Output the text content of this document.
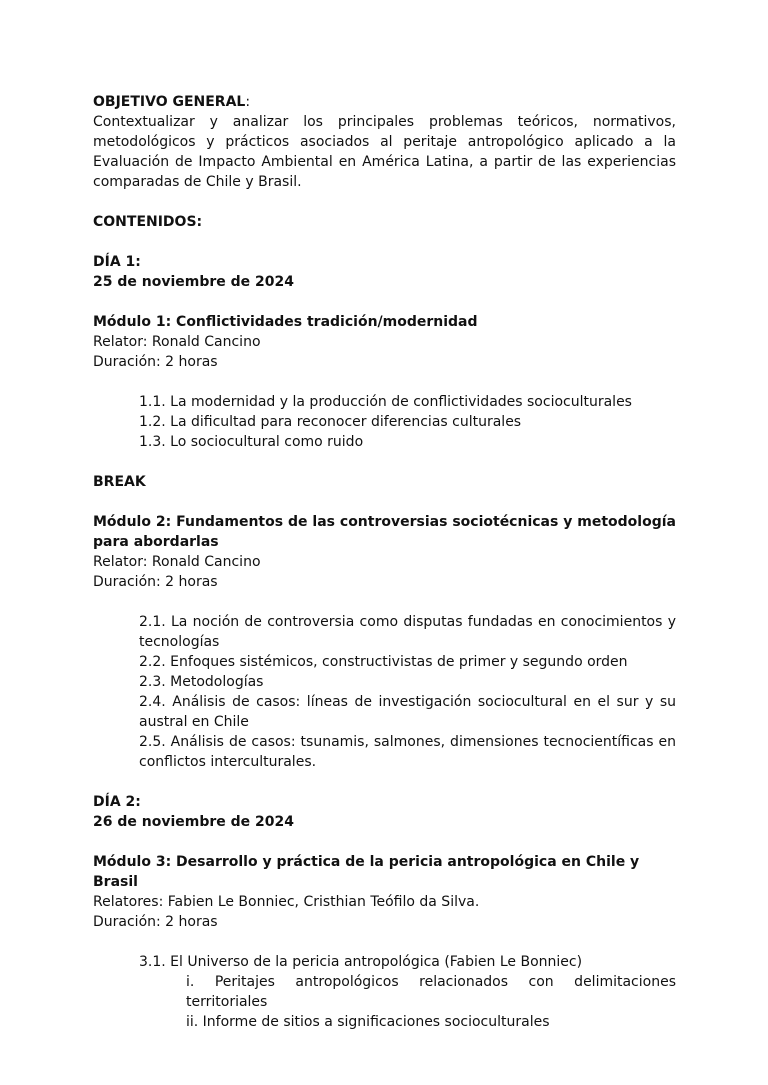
OBJETIVO GENERAL:

Contextualizar y analizar los principales problemas teóricos, normativos, metodológicos y prácticos asociados al peritaje antropológico aplicado a la Evaluación de Impacto Ambiental en América Latina, a partir de las experiencias comparadas de Chile y Brasil.

CONTENIDOS:

DÍA 1:

25 de noviembre de 2024

Módulo 1: Conflictividades tradición/modernidad

Relator: Ronald Cancino

Duración: 2 horas

1.1. La modernidad y la producción de conflictividades socioculturales

1.2. La dificultad para reconocer diferencias culturales

1.3. Lo sociocultural como ruido

BREAK

Módulo 2: Fundamentos de las controversias sociotécnicas y metodología para abordarlas

Relator: Ronald Cancino

Duración: 2 horas

2.1. La noción de controversia como disputas fundadas en conocimientos y tecnologías

2.2. Enfoques sistémicos, constructivistas de primer y segundo orden

2.3. Metodologías

2.4. Análisis de casos: líneas de investigación sociocultural en el sur y su austral en Chile

2.5. Análisis de casos: tsunamis, salmones, dimensiones tecnocientíficas en conflictos interculturales.

DÍA 2:

26 de noviembre de 2024

Módulo 3: Desarrollo y práctica de la pericia antropológica en Chile y Brasil

Relatores: Fabien Le Bonniec, Cristhian Teófilo da Silva.

Duración: 2 horas

3.1. El Universo de la pericia antropológica (Fabien Le Bonniec)

i. Peritajes antropológicos relacionados con delimitaciones territoriales

ii. Informe de sitios a significaciones socioculturales
